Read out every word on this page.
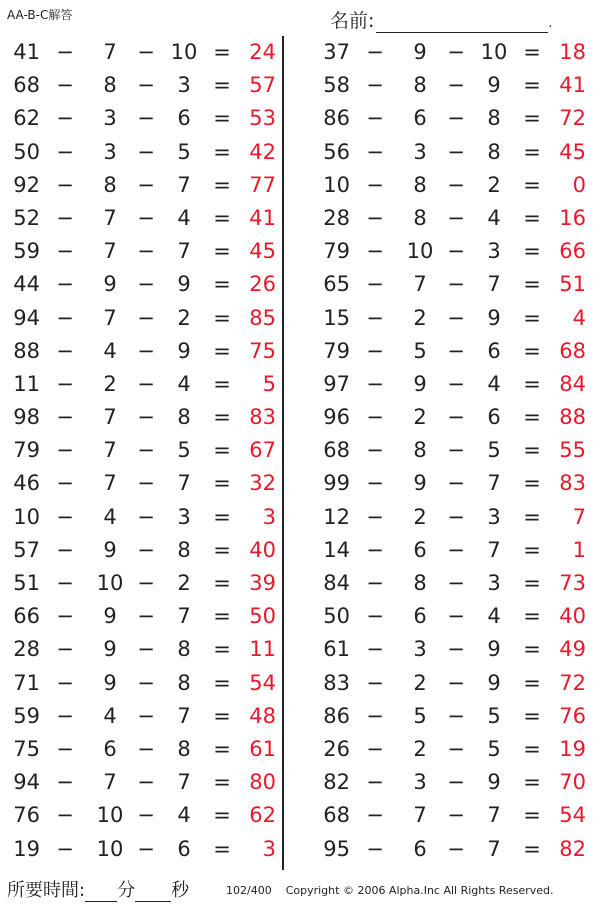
AA-B-C解答	名前:	.
41 −	7 − 10 = 24
68 −	8 −	3	= 57
62 −	3 −	6	= 53
50 −	3 −	5	= 42
92 −	8 −	7	= 77
52 −	7 −	4	= 41
59 −	7 −	7	= 45
44 −	9 −	9	= 26
94 −	7 −	2	= 85
88 −	4 −	9	= 75
11 −	2 −	4	=	5
98 −	7 −	8	= 83
79 −	7 −	5	= 67
46 −	7 −	7	= 32
10 −	4 −	3	=	3
57 −	9 −	8	= 40
51 −	10 −	2	= 39
66 −	9 −	7	= 50
28 −	9 −	8	= 11
71 −	9 −	8	= 54
59 −	4 −	7	= 48
75 −	6 −	8	= 61
94 −	7 −	7	= 80
76 −	10 −	4	= 62
19 −	10 −	6	=	3
37 −	9 − 10 = 18
58 −	8 −	9	= 41
86 −	6 −	8	= 72
56 −	3 −	8	= 45
10 −	8 −	2	=	0
28 −	8 −	4	= 16
79 −	10 −	3	= 66
65 −	7 −	7	= 51
15 −	2 −	9	=	4
79 −	5 −	6	= 68
97 −	9 −	4	= 84
96 −	2 −	6	= 88
68 −	8 −	5	= 55
99 −	9 −	7	= 83
12 −	2 −	3	=	7
14 −	6 −	7	=	1
84 −	8 −	3	= 73
50 −	6 −	4	= 40
61 −	3 −	9	= 49
83 −	2 −	9	= 72
86 −	5 −	5	= 76
26 −	2 −	5	= 19
82 −	3 −	9	= 70
68 −	7 −	7	= 54
95 −	6 −	7	= 82
所要時間: 分 秒	102/400 Copyright © 2006 Alpha.Inc All Rights Reserved.
